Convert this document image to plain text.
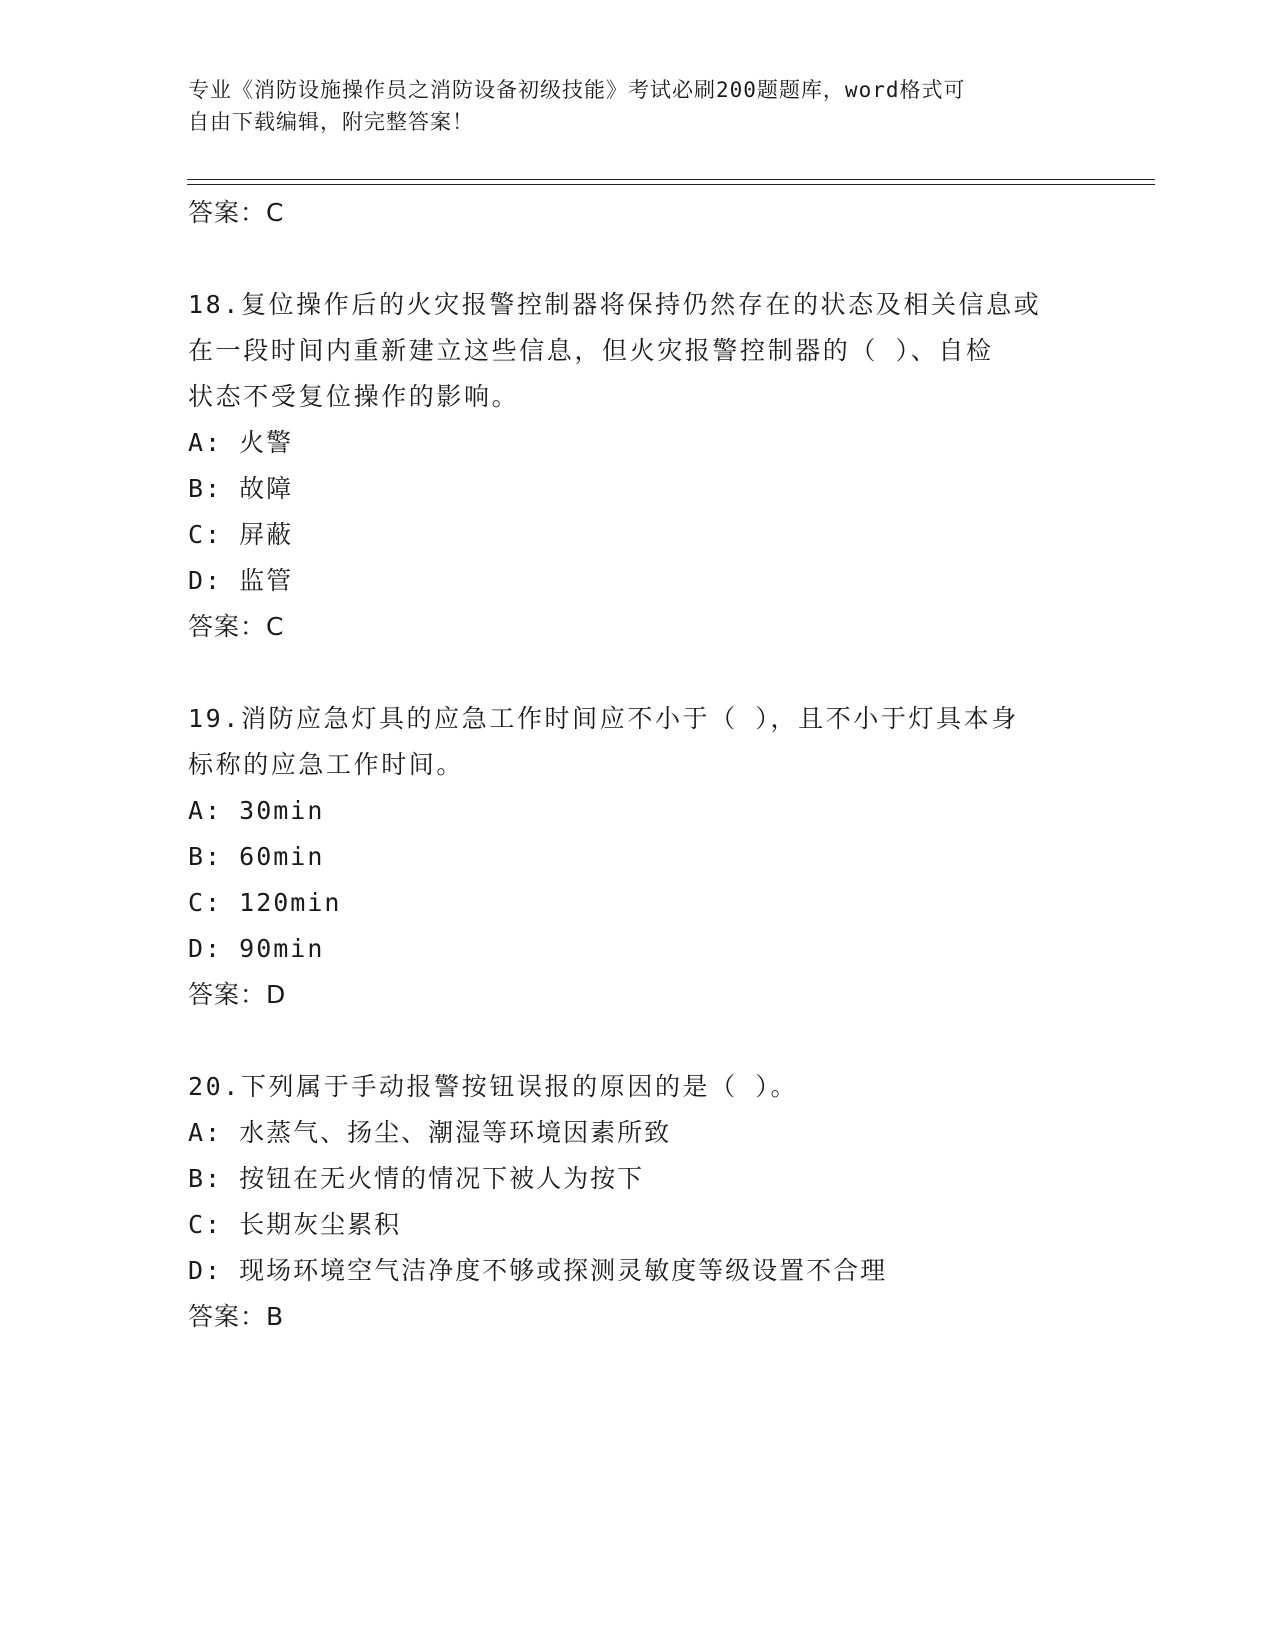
专业《消防设施操作员之消防设备初级技能》考试必刷200题题库，word格式可
自由下载编辑，附完整答案！
答案：C
18.复位操作后的火灾报警控制器将保持仍然存在的状态及相关信息或
在一段时间内重新建立这些信息，但火灾报警控制器的（ ）、自检
状态不受复位操作的影响。
A: 火警
B: 故障
C: 屏蔽
D: 监管
答案：C
19.消防应急灯具的应急工作时间应不小于（ ），且不小于灯具本身
标称的应急工作时间。
A: 30min
B: 60min
C: 120min
D: 90min
答案：D
20.下列属于手动报警按钮误报的原因的是（ ）。
A: 水蒸气、扬尘、潮湿等环境因素所致
B: 按钮在无火情的情况下被人为按下
C: 长期灰尘累积
D: 现场环境空气洁净度不够或探测灵敏度等级设置不合理
答案：B
